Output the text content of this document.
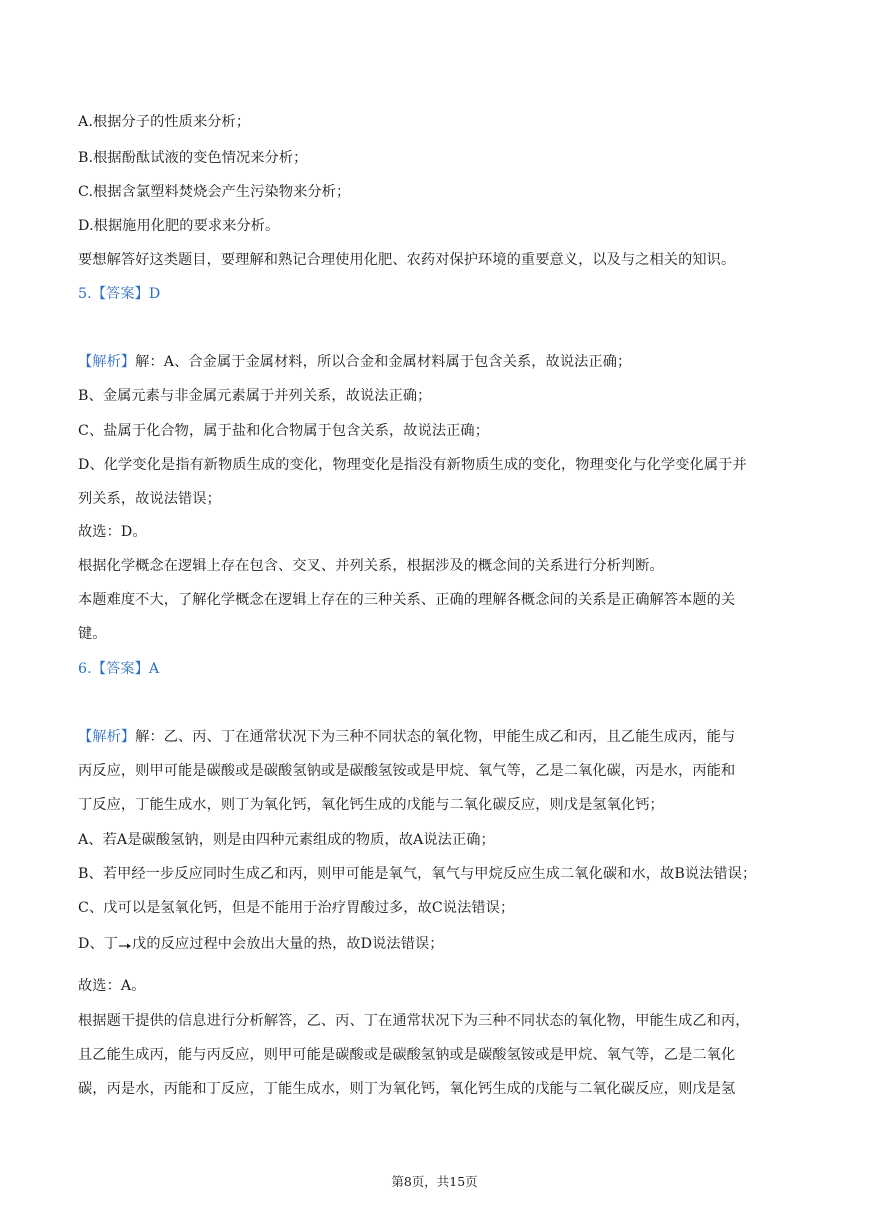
A.根据分子的性质来分析；
B.根据酚酞试液的变色情况来分析；
C.根据含氯塑料焚烧会产生污染物来分析；
D.根据施用化肥的要求来分析。
要想解答好这类题目，要理解和熟记合理使用化肥、农药对保护环境的重要意义，以及与之相关的知识。
5.【答案】D
【解析】解：A、合金属于金属材料，所以合金和金属材料属于包含关系，故说法正确；
B、金属元素与非金属元素属于并列关系，故说法正确；
C、盐属于化合物，属于盐和化合物属于包含关系，故说法正确；
D、化学变化是指有新物质生成的变化，物理变化是指没有新物质生成的变化，物理变化与化学变化属于并
列关系，故说法错误；
故选：D。
根据化学概念在逻辑上存在包含、交叉、并列关系，根据涉及的概念间的关系进行分析判断。
本题难度不大，了解化学概念在逻辑上存在的三种关系、正确的理解各概念间的关系是正确解答本题的关
键。
6.【答案】A
【解析】解：乙、丙、丁在通常状况下为三种不同状态的氧化物，甲能生成乙和丙，且乙能生成丙，能与
丙反应，则甲可能是碳酸或是碳酸氢钠或是碳酸氢铵或是甲烷、氧气等，乙是二氧化碳，丙是水，丙能和
丁反应，丁能生成水，则丁为氧化钙，氧化钙生成的戊能与二氧化碳反应，则戊是氢氧化钙；
A、若A是碳酸氢钠，则是由四种元素组成的物质，故A说法正确；
B、若甲经一步反应同时生成乙和丙，则甲可能是氧气，氧气与甲烷反应生成二氧化碳和水，故B说法错误；
C、戊可以是氢氧化钙，但是不能用于治疗胃酸过多，故C说法错误；
D、丁→戊的反应过程中会放出大量的热，故D说法错误；
故选：A。
根据题干提供的信息进行分析解答，乙、丙、丁在通常状况下为三种不同状态的氧化物，甲能生成乙和丙，
且乙能生成丙，能与丙反应，则甲可能是碳酸或是碳酸氢钠或是碳酸氢铵或是甲烷、氧气等，乙是二氧化
碳，丙是水，丙能和丁反应，丁能生成水，则丁为氧化钙，氧化钙生成的戊能与二氧化碳反应，则戊是氢
第8页，共15页
